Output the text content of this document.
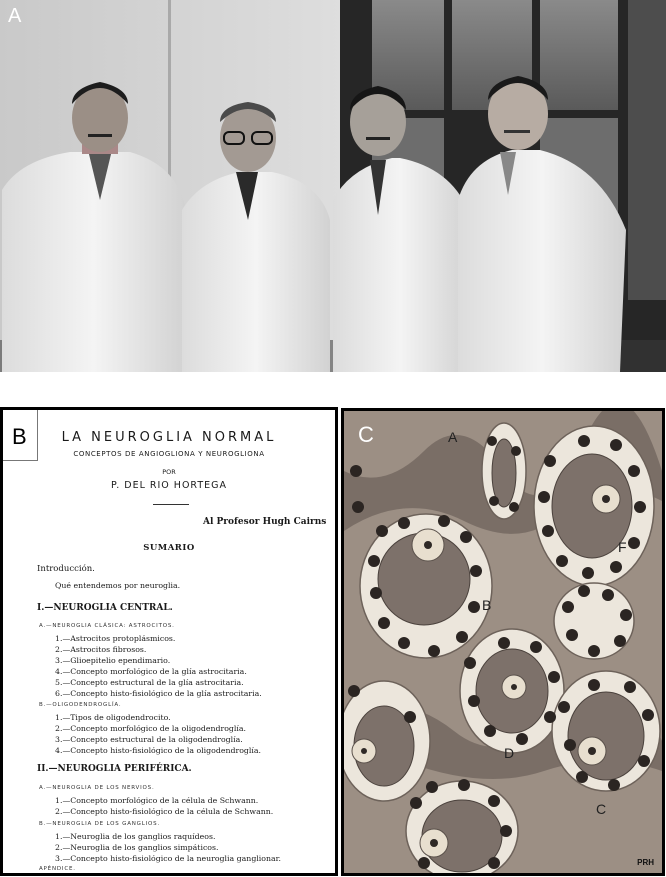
A
B	LA NEUROGLIA NORMAL
CONCEPTOS DE ANGIOGLIONA Y NEUROGLIONA
POR
P. DEL RIO HORTEGA
Al Profesor Hugh Cairns
SUMARIO
Introducción.
Qué entendemos por neuroglia.
I.—NEUROGLIA CENTRAL.
A.—NEUROGLIA CLÁSICA: ASTROCITOS.
1.—Astrocitos protoplásmicos.
2.—Astrocitos fibrosos.
3.—Glioepitelio ependimario.
4.—Concepto morfológico de la glía astrocitaria.
5.—Concepto estructural de la glía astrocitaria.
6.—Concepto histo-fisiológico de la glía astrocitaria.
B.—OLIGODENDROGLÍA.
1.—Tipos de oligodendrocito.
2.—Concepto morfológico de la oligodendroglía.
3.—Concepto estructural de la oligodendroglía.
4.—Concepto histo-fisiológico de la oligodendroglía.
II.—NEUROGLIA PERIFÉRICA.
A.—NEUROGLIA DE LOS NERVIOS.
1.—Concepto morfológico de la célula de Schwann.
2.—Concepto histo-fisiológico de la célula de Schwann.
B.—NEUROGLIA DE LOS GANGLIOS.
1.—Neuroglia de los ganglios raquídeos.
2.—Neuroglia de los ganglios simpáticos.
3.—Concepto histo-fisiológico de la neuroglia ganglionar.
APÉNDICE.
C	A
B
F
D
C
PRH
